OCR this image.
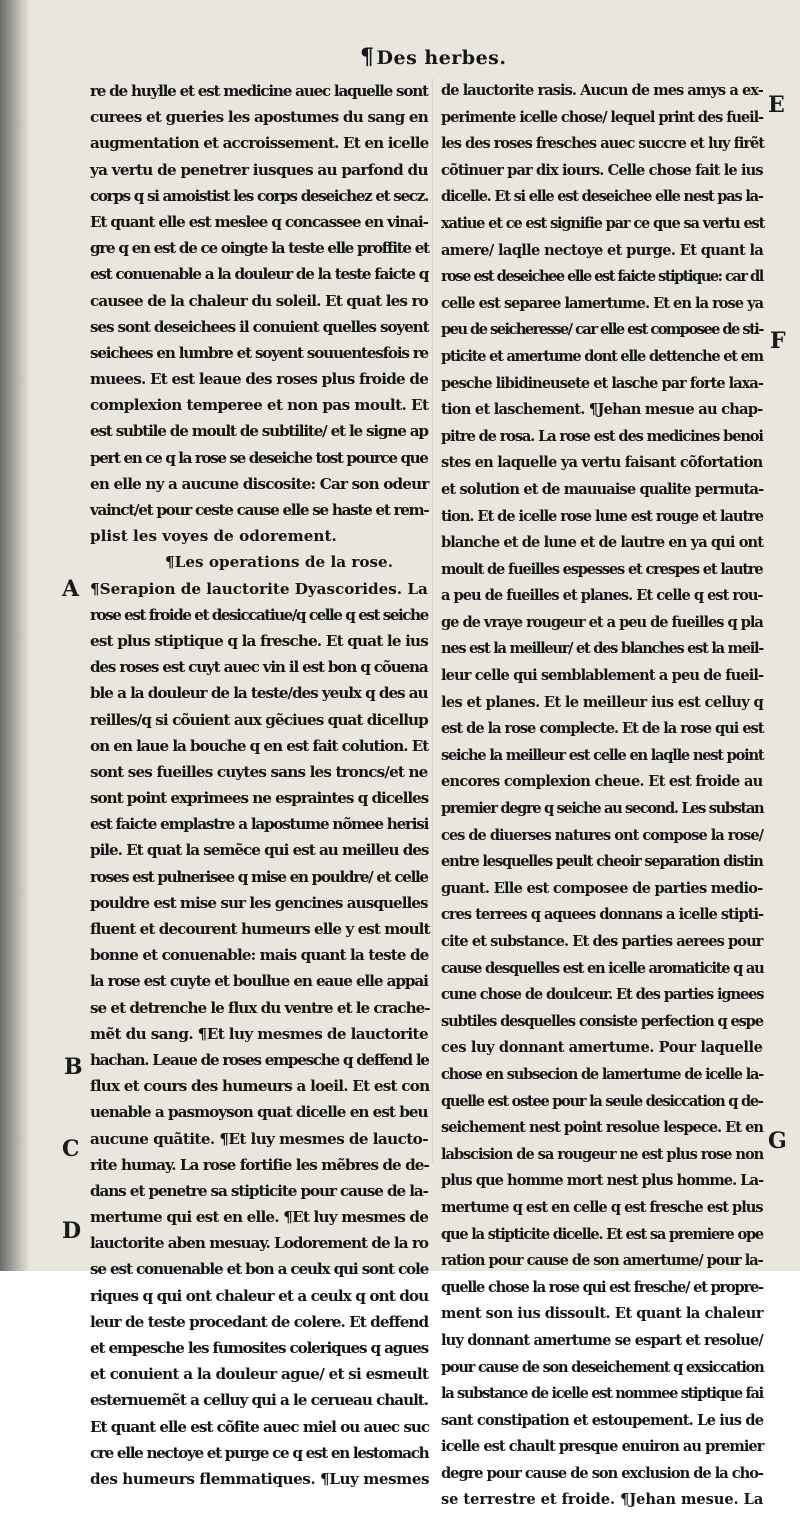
¶ Des herbes.
re de huylle et est medicine auec laquelle sont
curees et gueries les apostumes du sang en
augmentation et accroissement. Et en icelle
ya vertu de penetrer iusques au parfond du
corps q si amoistist les corps deseichez et secz.
Et quant elle est meslee q concassee en vinai-
gre q en est de ce oingte la teste elle proffite et
est conuenable a la douleur de la teste faicte q
causee de la chaleur du soleil. Et quat les ro
ses sont deseichees il conuient quelles soyent
seichees en lumbre et soyent souuentesfois re
muees. Et est leaue des roses plus froide de
complexion temperee et non pas moult. Et
est subtile de moult de subtilite/ et le signe ap
pert en ce q la rose se deseiche tost pource que
en elle ny a aucune discosite: Car son odeur
vainct/et pour ceste cause elle se haste et rem-
plist les voyes de odorement.
¶Les operations de la rose.
¶Serapion de lauctorite Dyascorides. La
rose est froide et desiccatiue/q celle q est seiche
est plus stiptique q la fresche. Et quat le ius
des roses est cuyt auec vin il est bon q cõuena
ble a la douleur de la teste/des yeulx q des au
reilles/q si cõuient aux gẽciues quat dicellup
on en laue la bouche q en est fait colution. Et
sont ses fueilles cuytes sans les troncs/et ne
sont point exprimees ne espraintes q dicelles
est faicte emplastre a lapostume nõmee herisi
pile. Et quat la semẽce qui est au meilleu des
roses est pulnerisee q mise en pouldre/ et celle
pouldre est mise sur les gencines ausquelles
fluent et decourent humeurs elle y est moult
bonne et conuenable: mais quant la teste de
la rose est cuyte et boullue en eaue elle appai
se et detrenche le flux du ventre et le crache-
mẽt du sang. ¶Et luy mesmes de lauctorite
hachan. Leaue de roses empesche q deffend le
flux et cours des humeurs a loeil. Et est con
uenable a pasmoyson quat dicelle en est beu
aucune quãtite. ¶Et luy mesmes de laucto-
rite humay. La rose fortifie les mẽbres de de-
dans et penetre sa stipticite pour cause de la-
mertume qui est en elle. ¶Et luy mesmes de
lauctorite aben mesuay. Lodorement de la ro
se est conuenable et bon a ceulx qui sont cole
riques q qui ont chaleur et a ceulx q ont dou
leur de teste procedant de colere. Et deffend
et empesche les fumosites coleriques q agues
et conuient a la douleur ague/ et si esmeult
esternuemẽt a celluy qui a le cerueau chault.
Et quant elle est cõfite auec miel ou auec suc
cre elle nectoye et purge ce q est en lestomach
des humeurs flemmatiques. ¶Luy mesmes
de lauctorite rasis. Aucun de mes amys a ex-
perimente icelle chose/ lequel print des fueil-
les des roses fresches auec succre et luy firẽt
cõtinuer par dix iours. Celle chose fait le ius
dicelle. Et si elle est deseichee elle nest pas la-
xatiue et ce est signifie par ce que sa vertu est
amere/ laqlle nectoye et purge. Et quant la
rose est deseichee elle est faicte stiptique: car dl
celle est separee lamertume. Et en la rose ya
peu de seicheresse/ car elle est composee de sti-
pticite et amertume dont elle dettenche et em
pesche libidineusete et lasche par forte laxa-
tion et laschement. ¶Jehan mesue au chap-
pitre de rosa. La rose est des medicines benoi
stes en laquelle ya vertu faisant cõfortation
et solution et de mauuaise qualite permuta-
tion. Et de icelle rose lune est rouge et lautre
blanche et de lune et de lautre en ya qui ont
moult de fueilles espesses et crespes et lautre
a peu de fueilles et planes. Et celle q est rou-
ge de vraye rougeur et a peu de fueilles q pla
nes est la meilleur/ et des blanches est la meil-
leur celle qui semblablement a peu de fueil-
les et planes. Et le meilleur ius est celluy q
est de la rose complecte. Et de la rose qui est
seiche la meilleur est celle en laqlle nest point
encores complexion cheue. Et est froide au
premier degre q seiche au second. Les substan
ces de diuerses natures ont compose la rose/
entre lesquelles peult cheoir separation distin
guant. Elle est composee de parties medio-
cres terrees q aquees donnans a icelle stipti-
cite et substance. Et des parties aerees pour
cause desquelles est en icelle aromaticite q au
cune chose de doulceur. Et des parties ignees
subtiles desquelles consiste perfection q espe
ces luy donnant amertume. Pour laquelle
chose en subsecion de lamertume de icelle la-
quelle est ostee pour la seule desiccation q de-
seichement nest point resolue lespece. Et en
labscision de sa rougeur ne est plus rose non
plus que homme mort nest plus homme. La-
mertume q est en celle q est fresche est plus
que la stipticite dicelle. Et est sa premiere ope
ration pour cause de son amertume/ pour la-
quelle chose la rose qui est fresche/ et propre-
ment son ius dissoult. Et quant la chaleur
luy donnant amertume se espart et resolue/
pour cause de son deseichement q exsiccation
la substance de icelle est nommee stiptique fai
sant constipation et estoupement. Le ius de
icelle est chault presque enuiron au premier
degre pour cause de son exclusion de la cho-
se terrestre et froide. ¶Jehan mesue. La
A
B
C
D
E
F
G
